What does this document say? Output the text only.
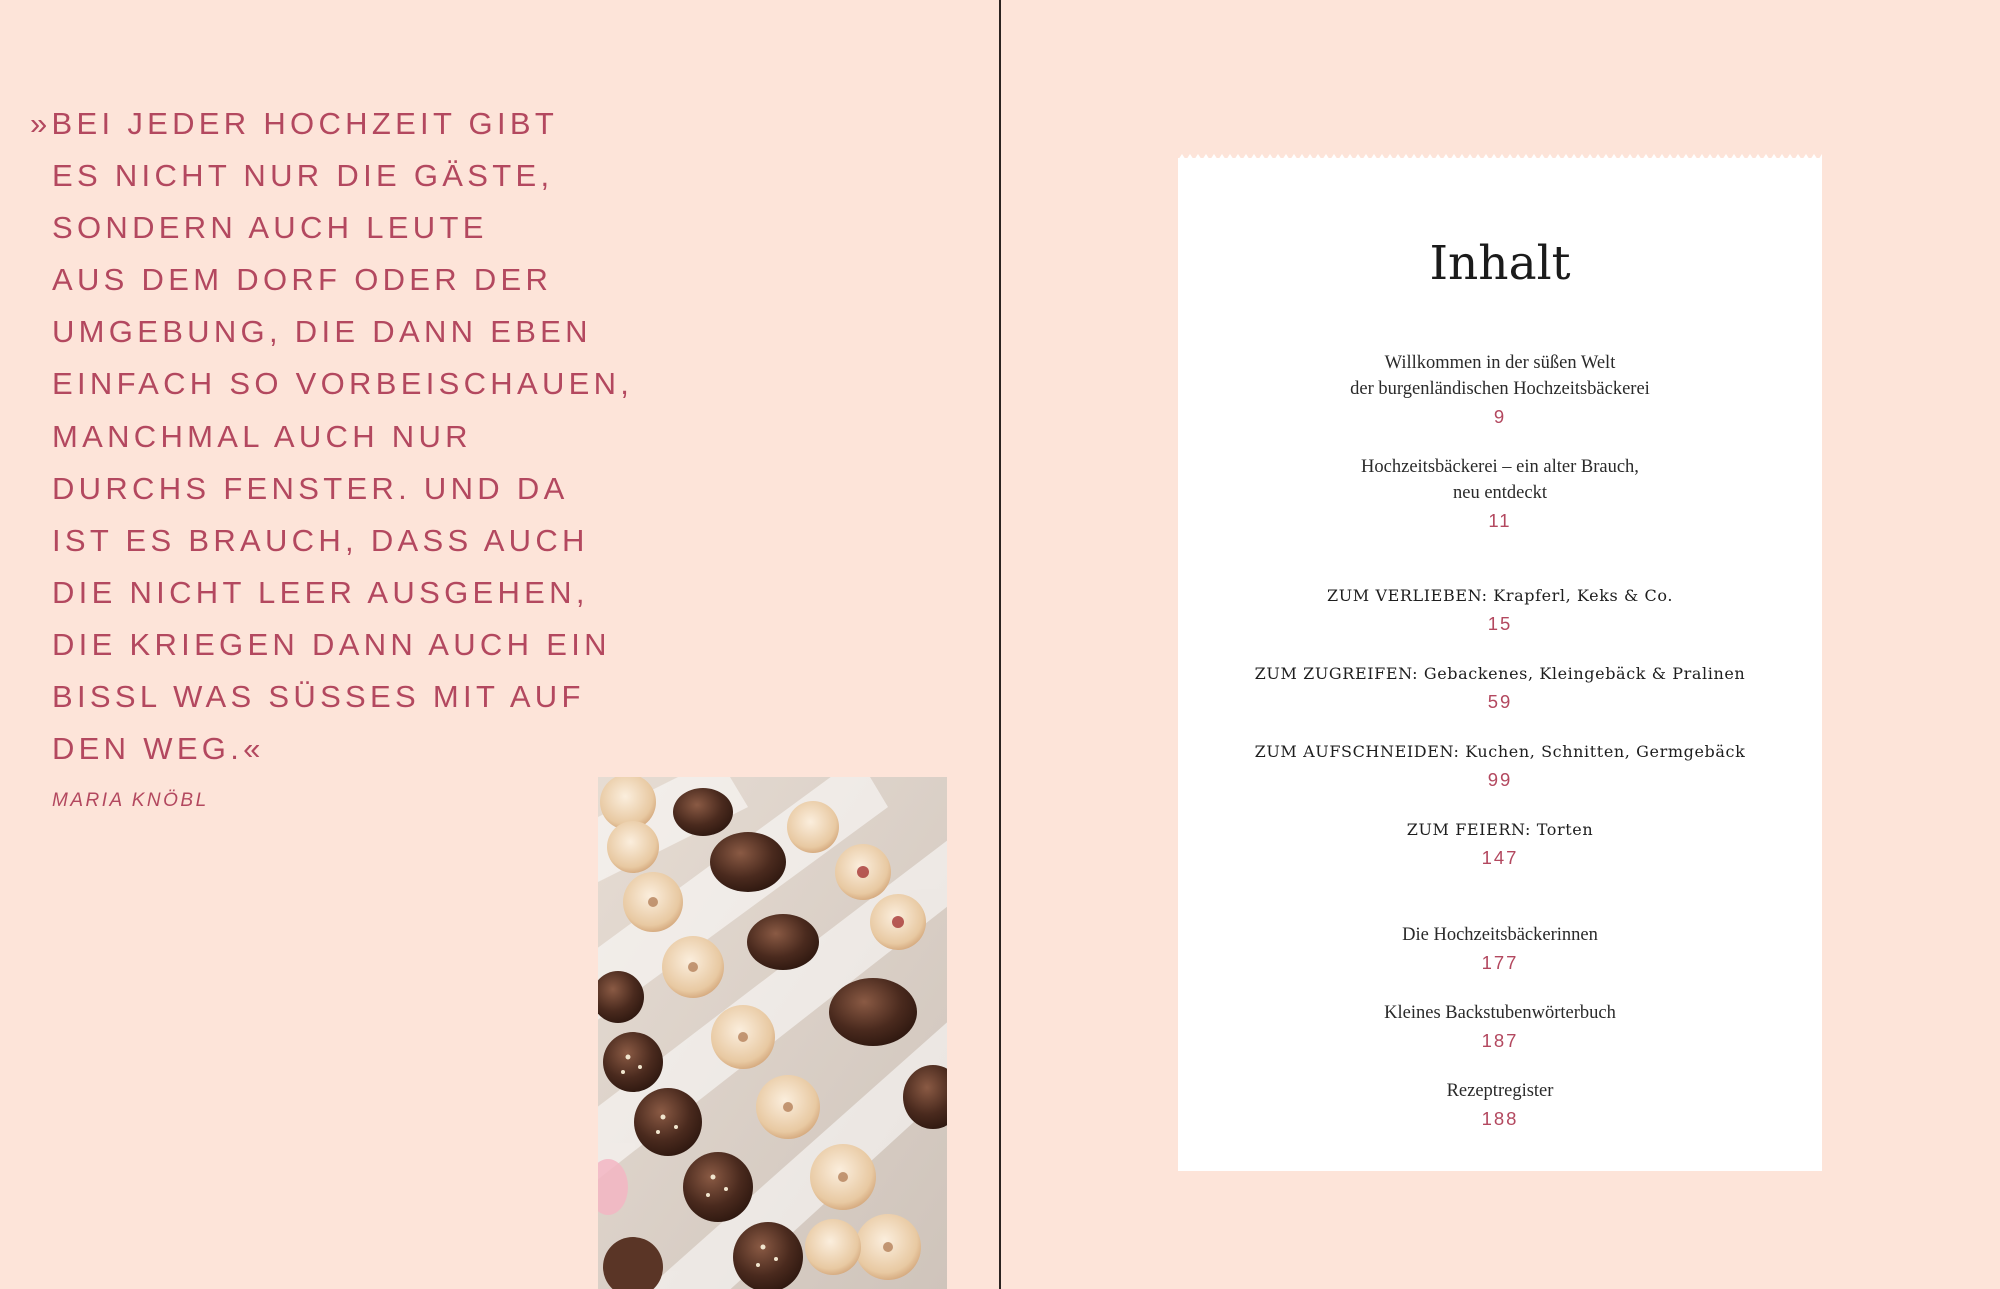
»BEI JEDER HOCHZEIT GIBT
ES NICHT NUR DIE GÄSTE,
SONDERN AUCH LEUTE
AUS DEM DORF ODER DER
UMGEBUNG, DIE DANN EBEN
EINFACH SO VORBEISCHAUEN,
MANCHMAL AUCH NUR
DURCHS FENSTER. UND DA
IST ES BRAUCH, DASS AUCH
DIE NICHT LEER AUSGEHEN,
DIE KRIEGEN DANN AUCH EIN
BISSL WAS SÜSSES MIT AUF
DEN WEG.«
MARIA KNÖBL
Inhalt
Willkommen in der süßen Welt
der burgenländischen Hochzeitsbäckerei
9
Hochzeitsbäckerei – ein alter Brauch,
neu entdeckt
11
ZUM VERLIEBEN: Krapferl, Keks & Co.
15
ZUM ZUGREIFEN: Gebackenes, Kleingebäck & Pralinen
59
ZUM AUFSCHNEIDEN: Kuchen, Schnitten, Germgebäck
99
ZUM FEIERN: Torten
147
Die Hochzeitsbäckerinnen
177
Kleines Backstubenwörterbuch
187
Rezeptregister
188
